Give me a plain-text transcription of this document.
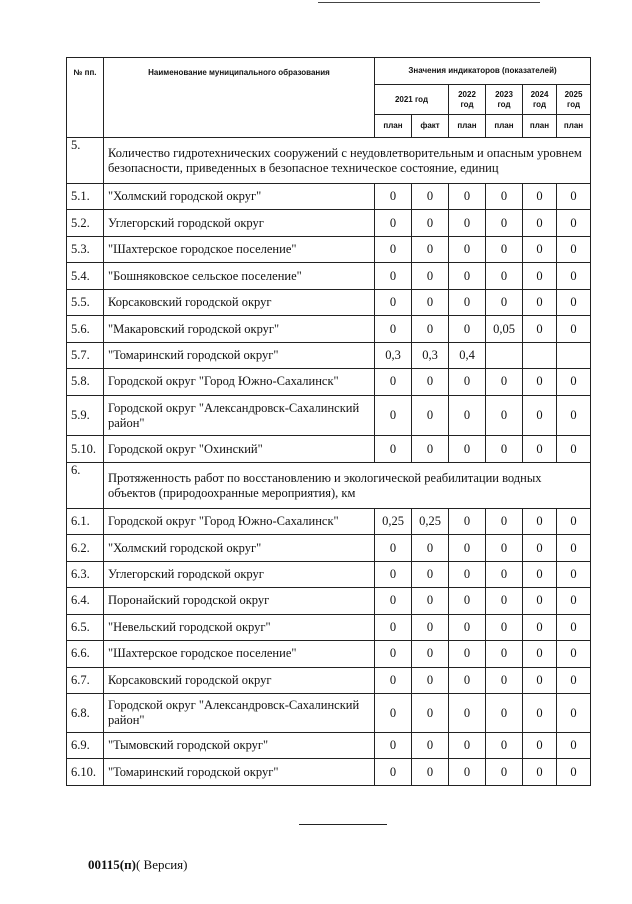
№ пп.	Наименование муниципального образования	Значения индикаторов (показателей)					
		2021 год		2022 год	2023 год	2024 год	2025 год
		план	факт	план	план	план	план
5.	Количество гидротехнических сооружений с неудовлетворительным и опасным уровнем безопасности, приведенных в безопасное техническое состояние, единиц						
5.1.	"Холмский городской округ"	0	0	0	0	0	0
5.2.	Углегорский городской округ	0	0	0	0	0	0
5.3.	"Шахтерское городское поселение"	0	0	0	0	0	0
5.4.	"Бошняковское сельское поселение"	0	0	0	0	0	0
5.5.	Корсаковский городской округ	0	0	0	0	0	0
5.6.	"Макаровский городской округ"	0	0	0	0,05	0	0
5.7.	"Томаринский городской округ"	0,3	0,3	0,4			
5.8.	Городской округ "Город Южно-Сахалинск"	0	0	0	0	0	0
5.9.	Городской округ "Александровск-Сахалинский район"	0	0	0	0	0	0
5.10.	Городской округ "Охинский"	0	0	0	0	0	0
6.	Протяженность работ по восстановлению и экологической реабилитации водных объектов (природоохранные мероприятия), км						
6.1.	Городской округ "Город Южно-Сахалинск"	0,25	0,25	0	0	0	0
6.2.	"Холмский городской округ"	0	0	0	0	0	0
6.3.	Углегорский городской округ	0	0	0	0	0	0
6.4.	Поронайский городской округ	0	0	0	0	0	0
6.5.	"Невельский городской округ"	0	0	0	0	0	0
6.6.	"Шахтерское городское поселение"	0	0	0	0	0	0
6.7.	Корсаковский городской округ	0	0	0	0	0	0
6.8.	Городской округ "Александровск-Сахалинский район"	0	0	0	0	0	0
6.9.	"Тымовский городской округ"	0	0	0	0	0	0
6.10.	"Томаринский городской округ"	0	0	0	0	0	0
00115(п)( Версия)
